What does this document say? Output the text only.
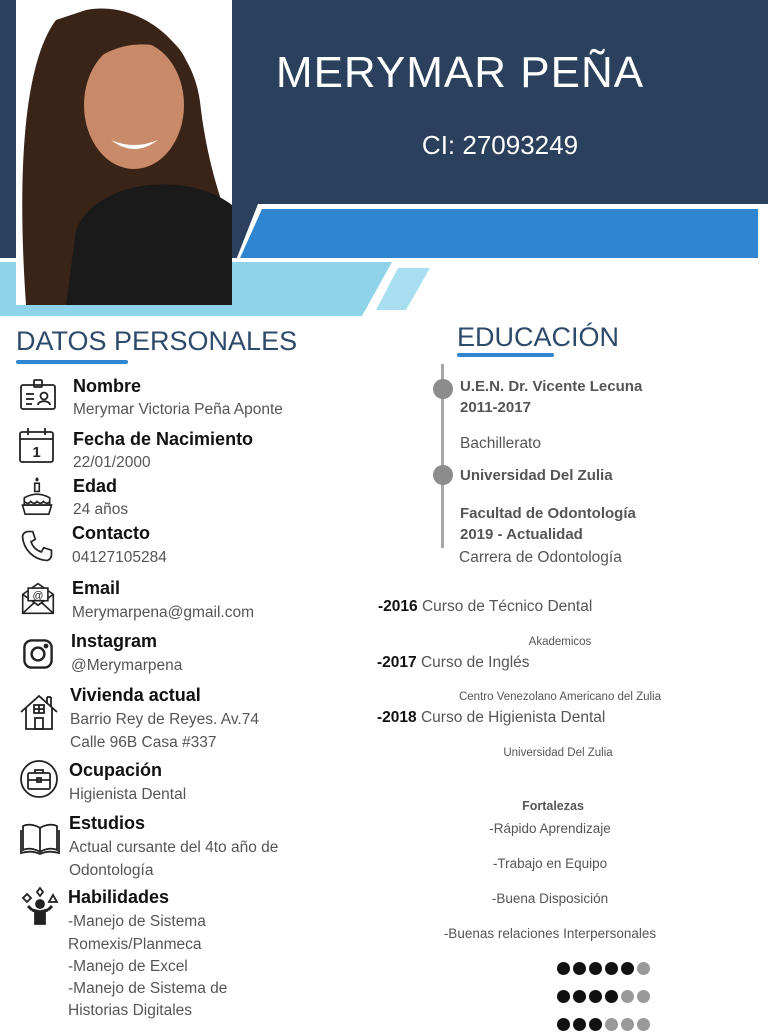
MERYMAR PEÑA
CI: 27093249
DATOS PERSONALES
Nombre
Merymar Victoria Peña Aponte
1
Fecha de Nacimiento
22/01/2000
Edad
24 años
Contacto
04127105284
@ Email
Merymarpena@gmail.com
Instagram
@Merymarpena
Vivienda actual
Barrio Rey de Reyes. Av.74
Calle 96B Casa #337
Ocupación
Higienista Dental
Estudios
Actual cursante del 4to año de
Odontología
Habilidades
-Manejo de Sistema
Romexis/Planmeca
-Manejo de Excel
-Manejo de Sistema de
Historias Digitales
EDUCACIÓN
U.E.N. Dr. Vicente Lecuna
2011-2017
Bachillerato
Universidad Del Zulia
Facultad de Odontología
2019 - Actualidad
Carrera de Odontología
-2016 Curso de Técnico Dental
Akademicos
-2017 Curso de Inglés
Centro Venezolano Americano del Zulia
-2018 Curso de Higienista Dental
Universidad Del Zulia
Fortalezas
-Rápido Aprendizaje
-Trabajo en Equipo
-Buena Disposición
-Buenas relaciones Interpersonales
